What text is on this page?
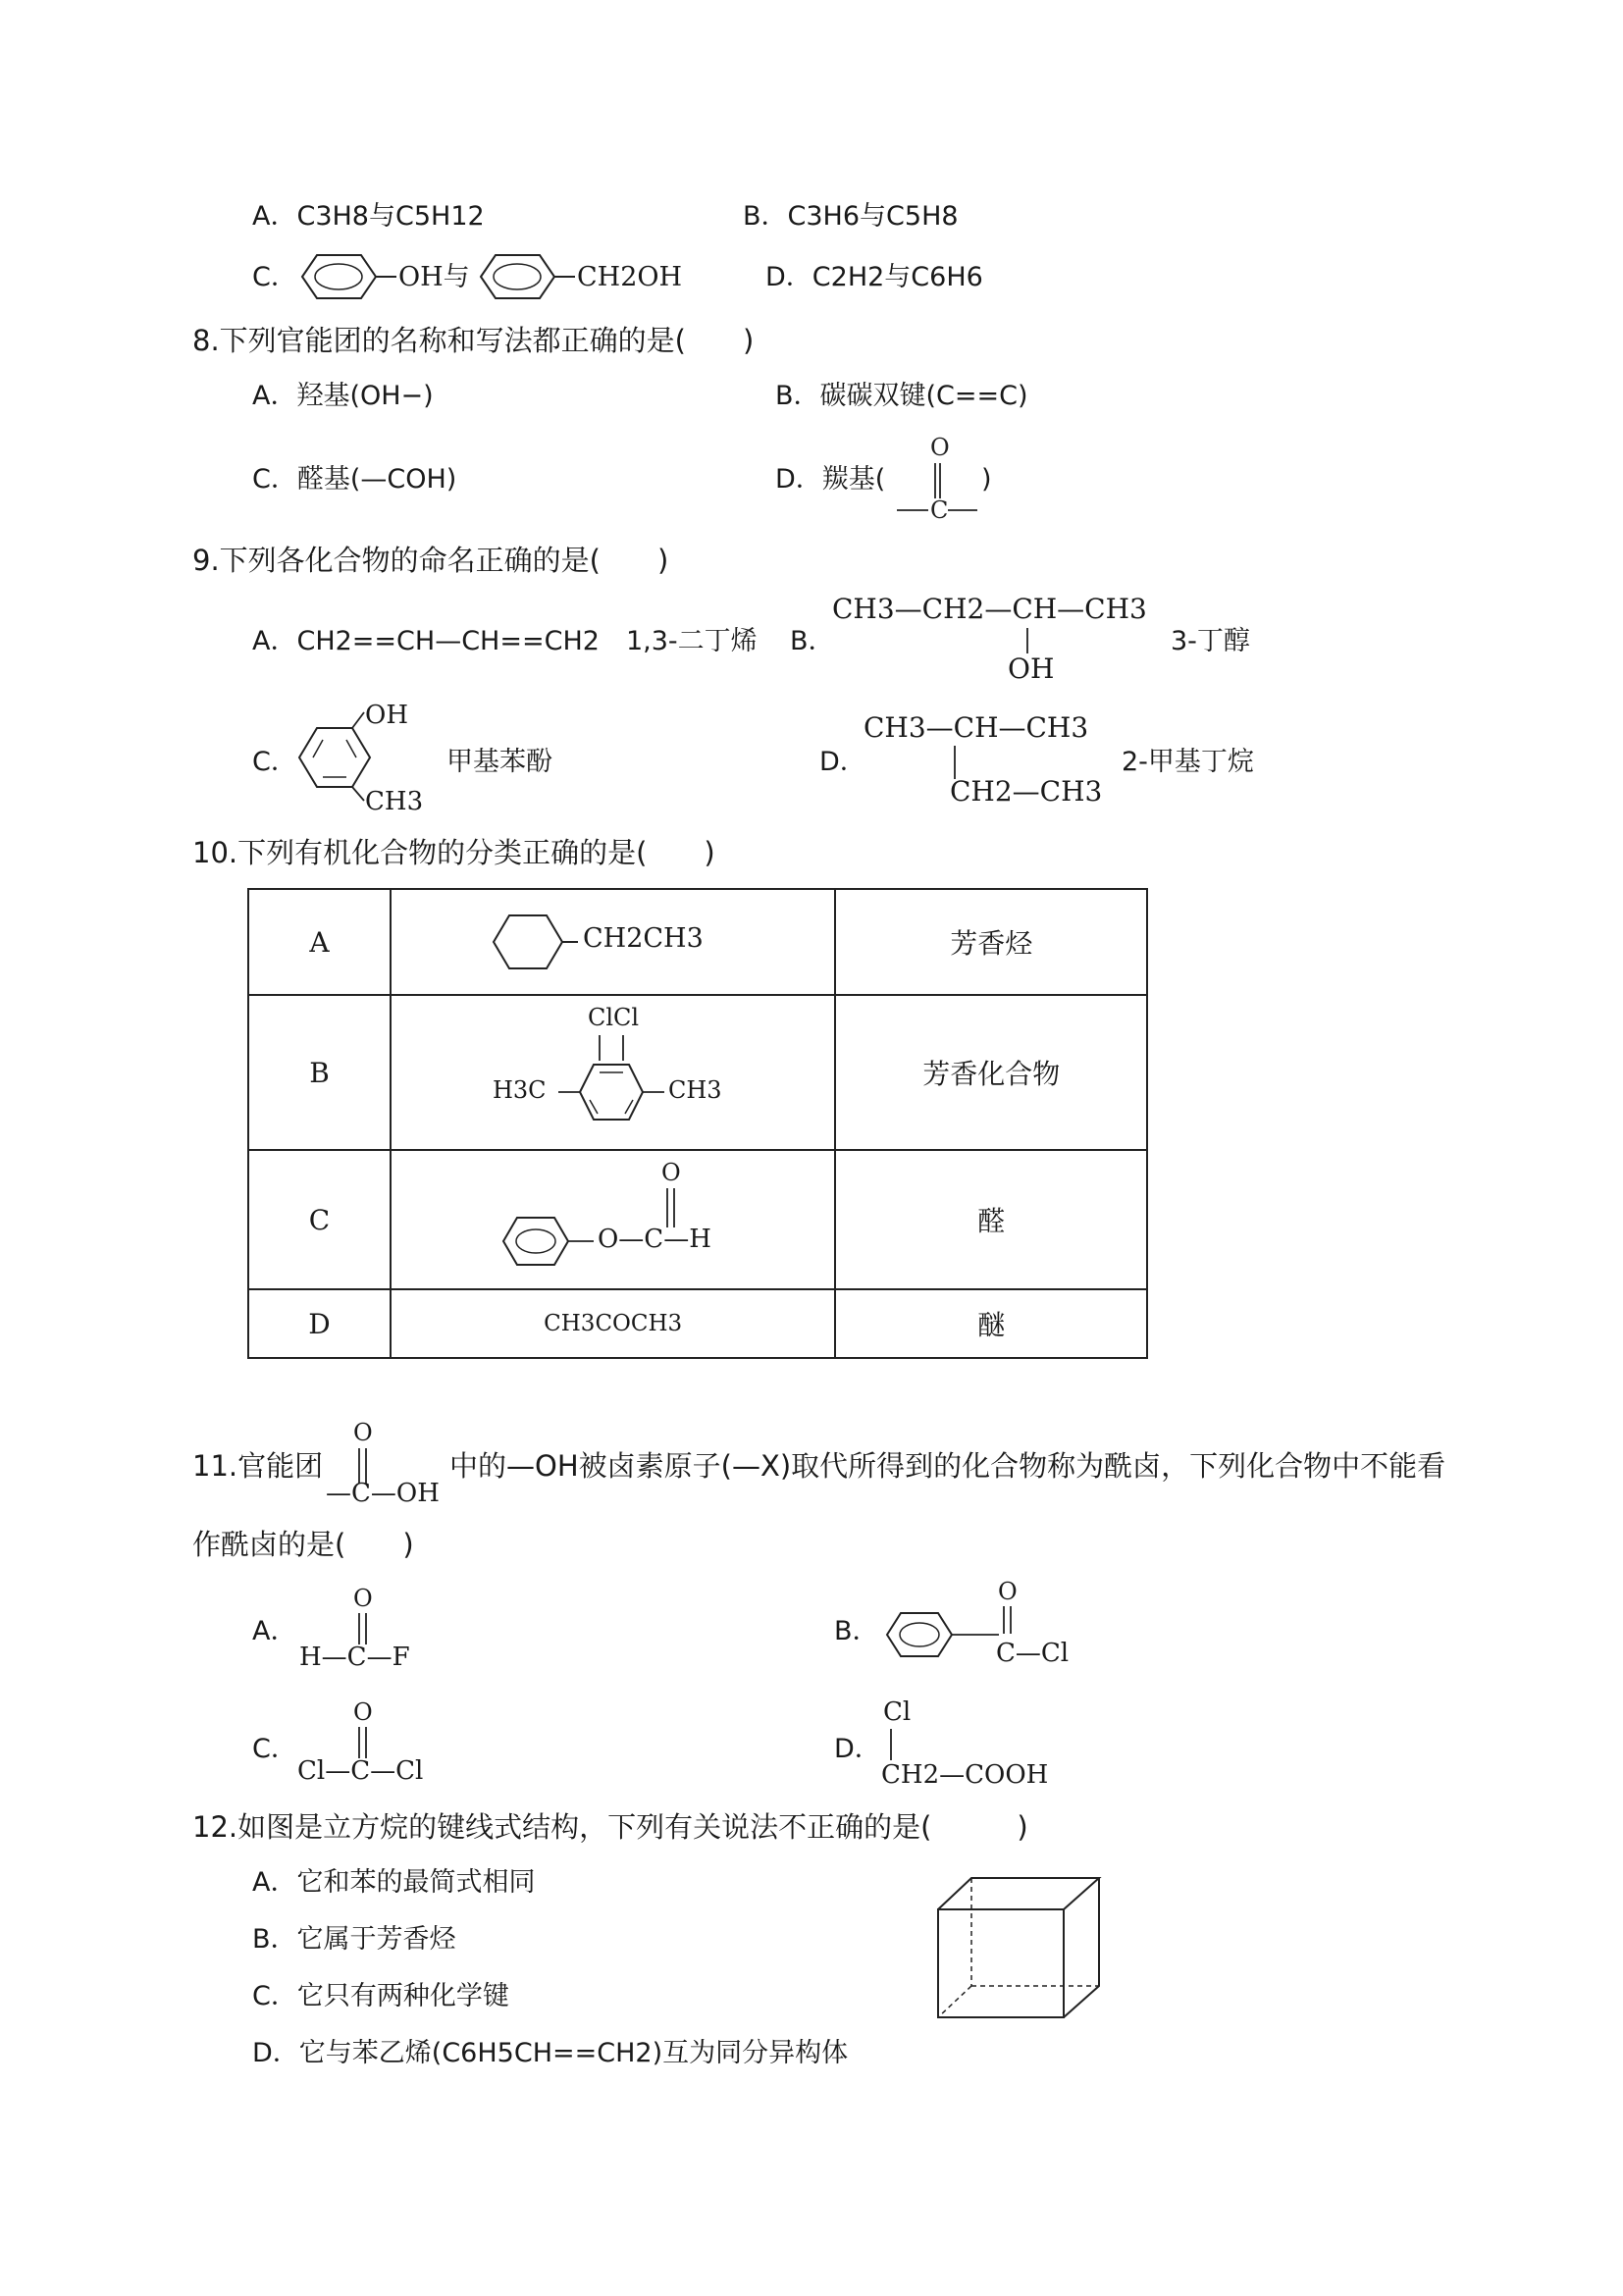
A．C3H8与C5H12	B．C3H6与C5H8
C．	OH与	CH2OH	D．C2H2与C6H6
8.下列官能团的名称和写法都正确的是(　　)
A．羟基(OH−)	B．碳碳双键(C==C)
C．醛基(—COH)	D．羰基(
O
C
)
9.下列各化合物的命名正确的是(　　)
A．CH2==CH—CH==CH2　1,3-二丁烯 B．
CH3—CH2—CH—CH3
OH
3-丁醇
C．
OH
CH3
甲基苯酚	D．
CH3—CH—CH3
CH2—CH3
2-甲基丁烷
10.下列有机化合物的分类正确的是(　　)
A	CH2CH3	芳香烃
B	ClCl
H3C CH3	芳香化合物
C	O
O—C—H	醛
D	CH3COCH3	醚
11.官能团
O
—C—OH
中的—OH被卤素原子(—X)取代所得到的化合物称为酰卤，下列化合物中不能看
作酰卤的是(　　)
A．
O
H—C—F
B．
O
C—Cl
C．
O
Cl—C—Cl
D．
Cl
CH2—COOH
12.如图是立方烷的键线式结构，下列有关说法不正确的是(　　　)
A．它和苯的最简式相同
B．它属于芳香烃
C．它只有两种化学键
D．它与苯乙烯(C6H5CH==CH2)互为同分异构体
